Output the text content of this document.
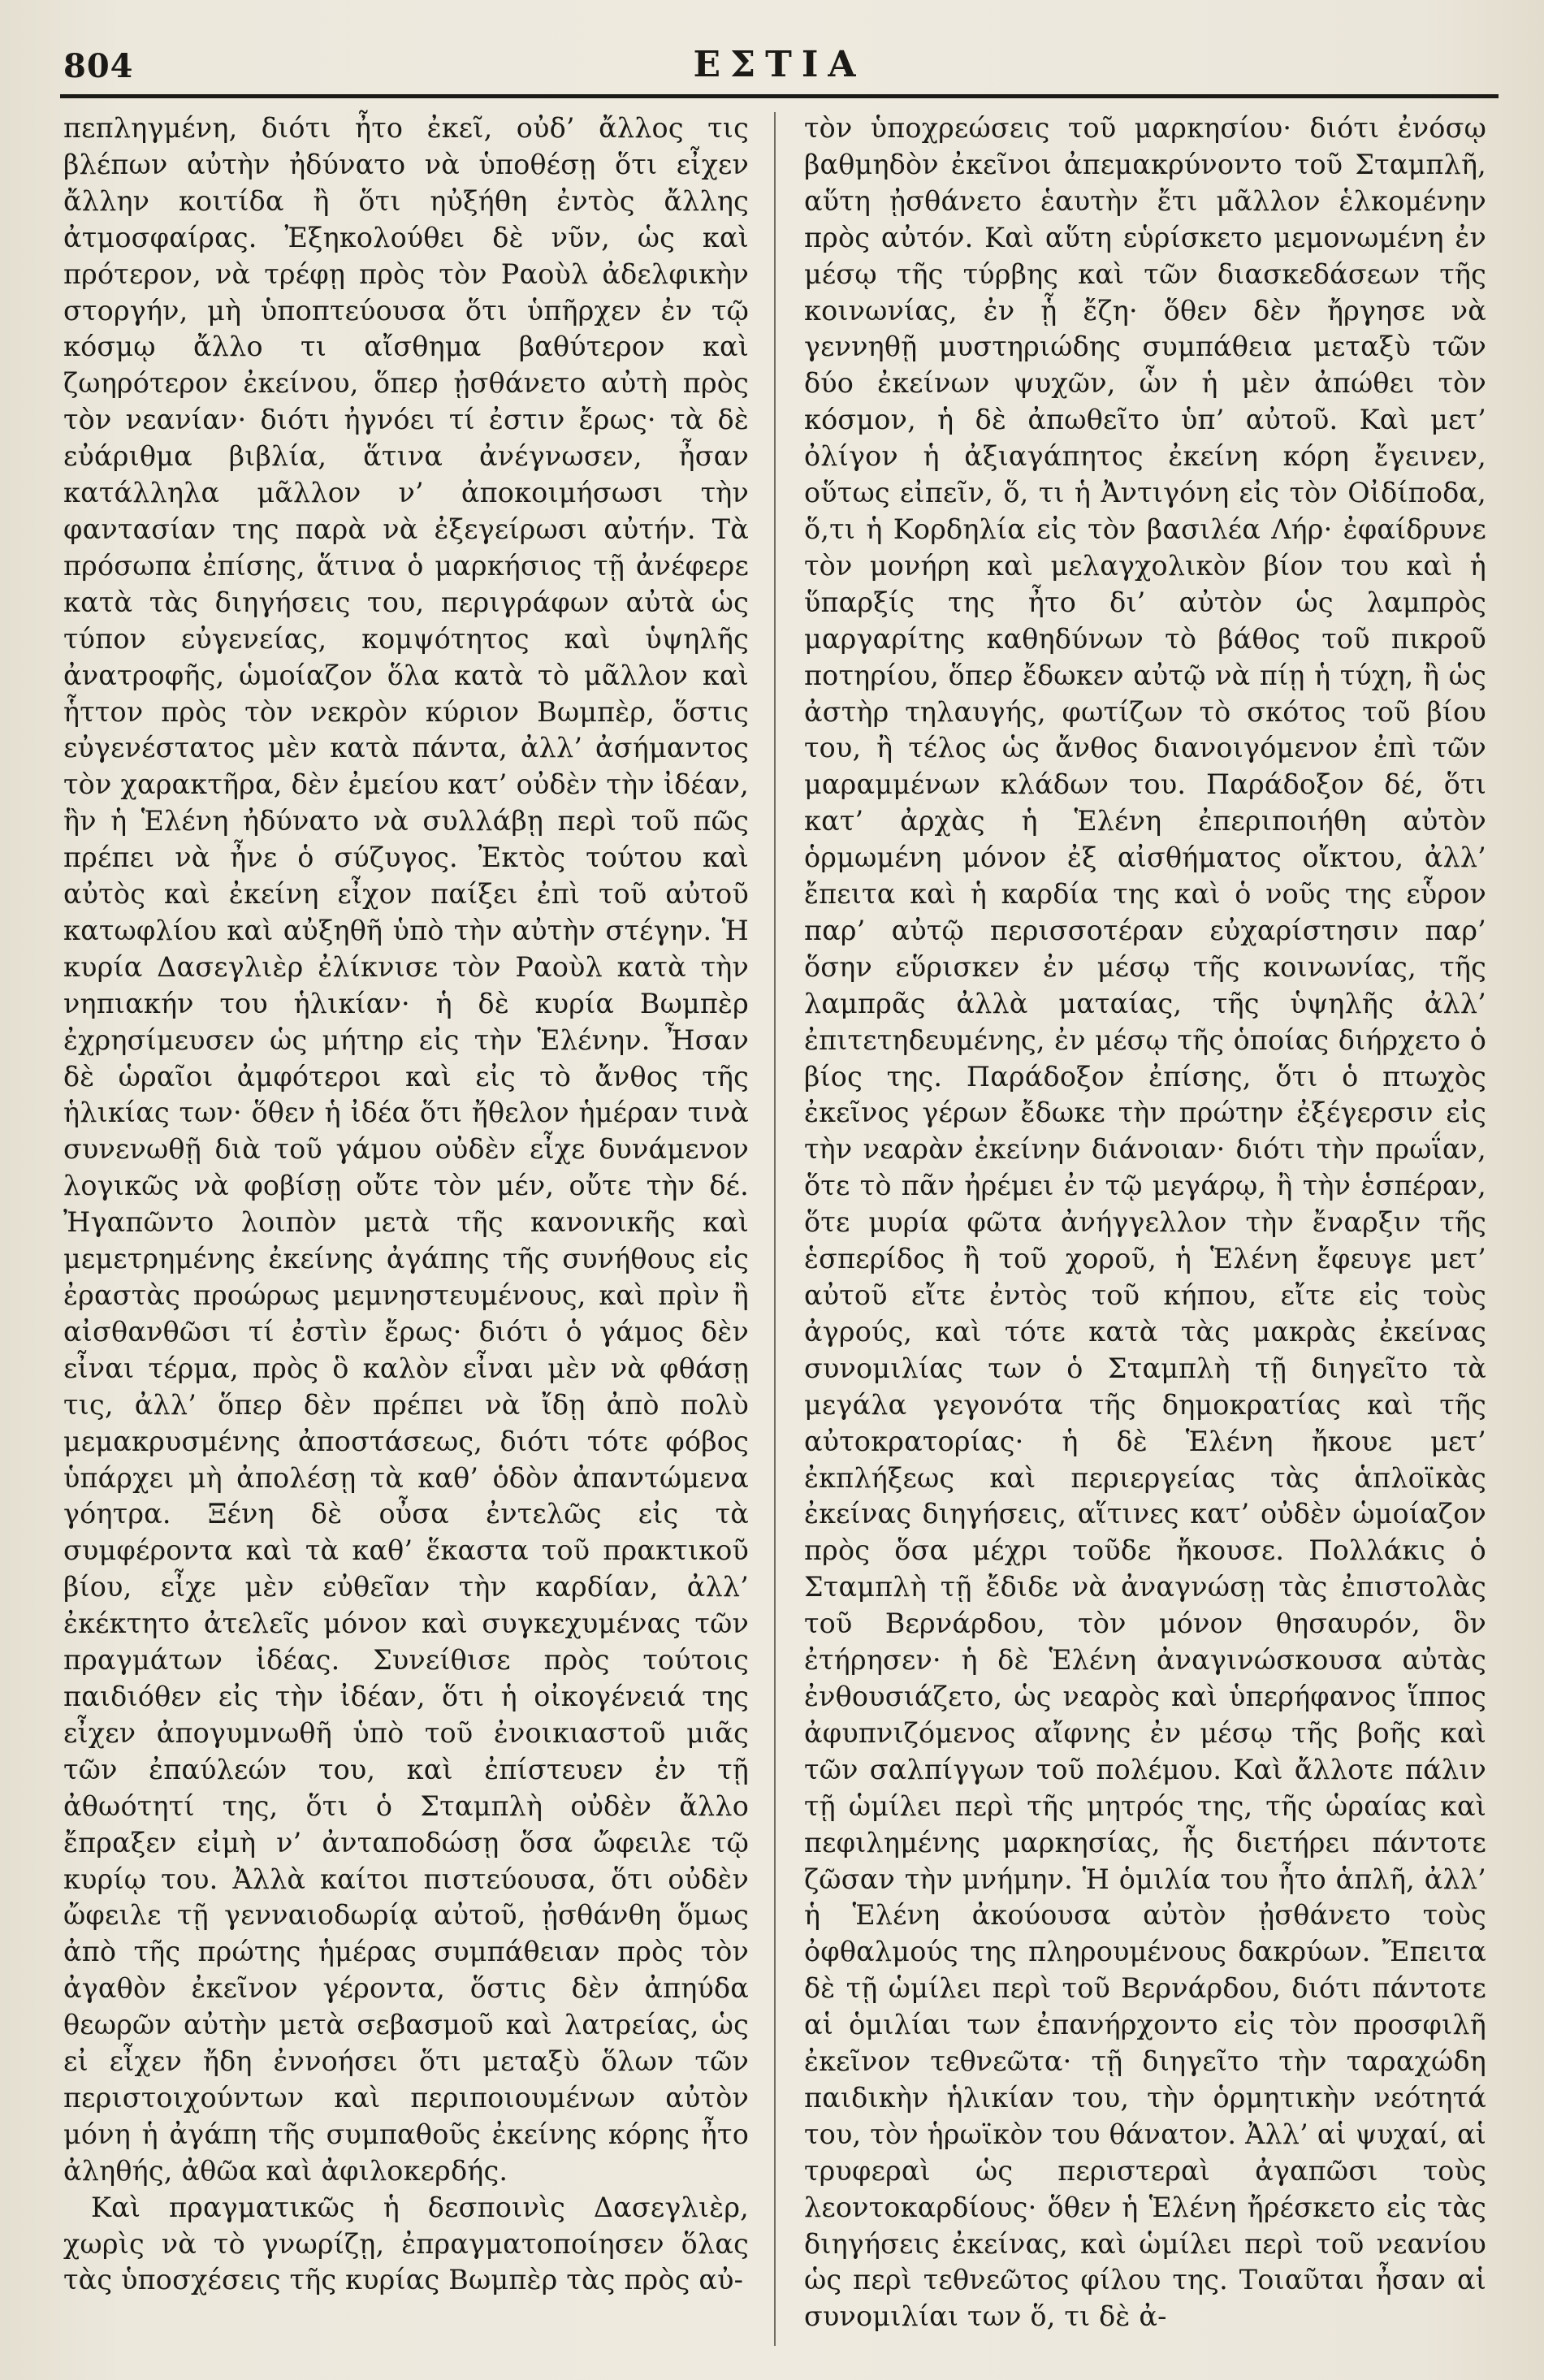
804	ΕΣΤΙΑ

πεπληγμένη, διότι ἦτο ἐκεῖ, οὐδ’ ἄλλος τις βλέπων αὐτὴν ἠδύνατο νὰ ὑποθέσῃ ὅτι εἶχεν ἄλλην κοιτίδα ἢ ὅτι ηὐξήθη ἐντὸς ἄλλης ἀτμοσφαίρας. Ἐξηκολούθει δὲ νῦν, ὡς καὶ πρότερον, νὰ τρέφῃ πρὸς τὸν Ραοὺλ ἀδελφικὴν στοργήν, μὴ ὑποπτεύουσα ὅτι ὑπῆρχεν ἐν τῷ κόσμῳ ἄλλο τι αἴσθημα βαθύτερον καὶ ζωηρότερον ἐκείνου, ὅπερ ᾐσθάνετο αὐτὴ πρὸς τὸν νεανίαν· διότι ἠγνόει τί ἐστιν ἔρως· τὰ δὲ εὐάριθμα βιβλία, ἅτινα ἀνέγνωσεν, ἦσαν κατάλληλα μᾶλλον ν’ ἀποκοιμήσωσι τὴν φαντασίαν της παρὰ νὰ ἐξεγείρωσι αὐτήν. Τὰ πρόσωπα ἐπίσης, ἅτινα ὁ μαρκήσιος τῇ ἀνέφερε κατὰ τὰς διηγήσεις του, περιγράφων αὐτὰ ὡς τύπον εὐγενείας, κομψότητος καὶ ὑψηλῆς ἀνατροφῆς, ὡμοίαζον ὅλα κατὰ τὸ μᾶλλον καὶ ἧττον πρὸς τὸν νεκρὸν κύριον Βωμπὲρ, ὅστις εὐγενέστατος μὲν κατὰ πάντα, ἀλλ’ ἀσήμαντος τὸν χαρακτῆρα, δὲν ἐμείου κατ’ οὐδὲν τὴν ἰδέαν, ἣν ἡ Ἑλένη ἠδύνατο νὰ συλλάβῃ περὶ τοῦ πῶς πρέπει νὰ ἦνε ὁ σύζυγος. Ἐκτὸς τούτου καὶ αὐτὸς καὶ ἐκείνη εἶχον παίξει ἐπὶ τοῦ αὐτοῦ κατωφλίου καὶ αὐξηθῆ ὑπὸ τὴν αὐτὴν στέγην. Ἡ κυρία Δασεγλιὲρ ἐλίκνισε τὸν Ραοὺλ κατὰ τὴν νηπιακήν του ἡλικίαν· ἡ δὲ κυρία Βωμπὲρ ἐχρησίμευσεν ὡς μήτηρ εἰς τὴν Ἑλένην. Ἦσαν δὲ ὡραῖοι ἀμφότεροι καὶ εἰς τὸ ἄνθος τῆς ἡλικίας των· ὅθεν ἡ ἰδέα ὅτι ἤθελον ἡμέραν τινὰ συνενωθῇ διὰ τοῦ γάμου οὐδὲν εἶχε δυνάμενον λογικῶς νὰ φοβίσῃ οὔτε τὸν μέν, οὔτε τὴν δέ. Ἠγαπῶντο λοιπὸν μετὰ τῆς κανονικῆς καὶ μεμετρημένης ἐκείνης ἀγάπης τῆς συνήθους εἰς ἐραστὰς προώρως μεμνηστευμένους, καὶ πρὶν ἢ αἰσθανθῶσι τί ἐστὶν ἔρως· διότι ὁ γάμος δὲν εἶναι τέρμα, πρὸς ὃ καλὸν εἶναι μὲν νὰ φθάσῃ τις, ἀλλ’ ὅπερ δὲν πρέπει νὰ ἴδῃ ἀπὸ πολὺ μεμακρυσμένης ἀποστάσεως, διότι τότε φόβος ὑπάρχει μὴ ἀπολέσῃ τὰ καθ’ ὁδὸν ἀπαντώμενα γόητρα. Ξένη δὲ οὖσα ἐντελῶς εἰς τὰ συμφέροντα καὶ τὰ καθ’ ἕκαστα τοῦ πρακτικοῦ βίου, εἶχε μὲν εὐθεῖαν τὴν καρδίαν, ἀλλ’ ἐκέκτητο ἀτελεῖς μόνον καὶ συγκεχυμένας τῶν πραγμάτων ἰδέας. Συνείθισε πρὸς τούτοις παιδιόθεν εἰς τὴν ἰδέαν, ὅτι ἡ οἰκογένειά της εἶχεν ἀπογυμνωθῆ ὑπὸ τοῦ ἐνοικιαστοῦ μιᾶς τῶν ἐπαύλεών του, καὶ ἐπίστευεν ἐν τῇ ἀθωότητί της, ὅτι ὁ Σταμπλὴ οὐδὲν ἄλλο ἔπραξεν εἰμὴ ν’ ἀνταποδώσῃ ὅσα ὤφειλε τῷ κυρίῳ του. Ἀλλὰ καίτοι πιστεύουσα, ὅτι οὐδὲν ὤφειλε τῇ γενναιοδωρίᾳ αὐτοῦ, ᾐσθάνθη ὅμως ἀπὸ τῆς πρώτης ἡμέρας συμπάθειαν πρὸς τὸν ἀγαθὸν ἐκεῖνον γέροντα, ὅστις δὲν ἀπηύδα θεωρῶν αὐτὴν μετὰ σεβασμοῦ καὶ λατρείας, ὡς εἰ εἶχεν ἤδη ἐννοήσει ὅτι μεταξὺ ὅλων τῶν περιστοιχούντων καὶ περιποιουμένων αὐτὸν μόνη ἡ ἀγάπη τῆς συμπαθοῦς ἐκείνης κόρης ἦτο ἀληθής, ἀθῶα καὶ ἀφιλοκερδής.

Καὶ πραγματικῶς ἡ δεσποινὶς Δασεγλιὲρ, χωρὶς νὰ τὸ γνωρίζῃ, ἐπραγματοποίησεν ὅλας τὰς ὑποσχέσεις τῆς κυρίας Βωμπὲρ τὰς πρὸς αὐ-

τὸν ὑποχρεώσεις τοῦ μαρκησίου· διότι ἐνόσῳ βαθμηδὸν ἐκεῖνοι ἀπεμακρύνοντο τοῦ Σταμπλῆ, αὕτη ᾐσθάνετο ἑαυτὴν ἔτι μᾶλλον ἑλκομένην πρὸς αὐτόν. Καὶ αὕτη εὑρίσκετο μεμονωμένη ἐν μέσῳ τῆς τύρβης καὶ τῶν διασκεδάσεων τῆς κοινωνίας, ἐν ᾗ ἔζη· ὅθεν δὲν ἤργησε νὰ γεννηθῇ μυστηριώδης συμπάθεια μεταξὺ τῶν δύο ἐκείνων ψυχῶν, ὧν ἡ μὲν ἀπώθει τὸν κόσμον, ἡ δὲ ἀπωθεῖτο ὑπ’ αὐτοῦ. Καὶ μετ’ ὀλίγον ἡ ἀξιαγάπητος ἐκείνη κόρη ἔγεινεν, οὕτως εἰπεῖν, ὅ, τι ἡ Ἀντιγόνη εἰς τὸν Οἰδίποδα, ὅ,τι ἡ Κορδηλία εἰς τὸν βασιλέα Λήρ· ἐφαίδρυνε τὸν μονήρη καὶ μελαγχολικὸν βίον του καὶ ἡ ὕπαρξίς της ἦτο δι’ αὐτὸν ὡς λαμπρὸς μαργαρίτης καθηδύνων τὸ βάθος τοῦ πικροῦ ποτηρίου, ὅπερ ἔδωκεν αὐτῷ νὰ πίῃ ἡ τύχη, ἢ ὡς ἀστὴρ τηλαυγής, φωτίζων τὸ σκότος τοῦ βίου του, ἢ τέλος ὡς ἄνθος διανοιγόμενον ἐπὶ τῶν μαραμμένων κλάδων του. Παράδοξον δέ, ὅτι κατ’ ἀρχὰς ἡ Ἑλένη ἐπεριποιήθη αὐτὸν ὁρμωμένη μόνον ἐξ αἰσθήματος οἴκτου, ἀλλ’ ἔπειτα καὶ ἡ καρδία της καὶ ὁ νοῦς της εὗρον παρ’ αὐτῷ περισσοτέραν εὐχαρίστησιν παρ’ ὅσην εὕρισκεν ἐν μέσῳ τῆς κοινωνίας, τῆς λαμπρᾶς ἀλλὰ ματαίας, τῆς ὑψηλῆς ἀλλ’ ἐπιτετηδευμένης, ἐν μέσῳ τῆς ὁποίας διήρχετο ὁ βίος της. Παράδοξον ἐπίσης, ὅτι ὁ πτωχὸς ἐκεῖνος γέρων ἔδωκε τὴν πρώτην ἐξέγερσιν εἰς τὴν νεαρὰν ἐκείνην διάνοιαν· διότι τὴν πρωΐαν, ὅτε τὸ πᾶν ἠρέμει ἐν τῷ μεγάρῳ, ἢ τὴν ἑσπέραν, ὅτε μυρία φῶτα ἀνήγγελλον τὴν ἔναρξιν τῆς ἑσπερίδος ἢ τοῦ χοροῦ, ἡ Ἑλένη ἔφευγε μετ’ αὐτοῦ εἴτε ἐντὸς τοῦ κήπου, εἴτε εἰς τοὺς ἀγρούς, καὶ τότε κατὰ τὰς μακρὰς ἐκείνας συνομιλίας των ὁ Σταμπλὴ τῇ διηγεῖτο τὰ μεγάλα γεγονότα τῆς δημοκρατίας καὶ τῆς αὐτοκρατορίας· ἡ δὲ Ἑλένη ἤκουε μετ’ ἐκπλήξεως καὶ περιεργείας τὰς ἁπλοϊκὰς ἐκείνας διηγήσεις, αἵτινες κατ’ οὐδὲν ὡμοίαζον πρὸς ὅσα μέχρι τοῦδε ἤκουσε. Πολλάκις ὁ Σταμπλὴ τῇ ἔδιδε νὰ ἀναγνώσῃ τὰς ἐπιστολὰς τοῦ Βερνάρδου, τὸν μόνον θησαυρόν, ὃν ἐτήρησεν· ἡ δὲ Ἑλένη ἀναγινώσκουσα αὐτὰς ἐνθουσιάζετο, ὡς νεαρὸς καὶ ὑπερήφανος ἵππος ἀφυπνιζόμενος αἴφνης ἐν μέσῳ τῆς βοῆς καὶ τῶν σαλπίγγων τοῦ πολέμου. Καὶ ἄλλοτε πάλιν τῇ ὡμίλει περὶ τῆς μητρός της, τῆς ὡραίας καὶ πεφιλημένης μαρκησίας, ἧς διετήρει πάντοτε ζῶσαν τὴν μνήμην. Ἡ ὁμιλία του ἦτο ἁπλῆ, ἀλλ’ ἡ Ἑλένη ἀκούουσα αὐτὸν ᾐσθάνετο τοὺς ὀφθαλμούς της πληρουμένους δακρύων. Ἔπειτα δὲ τῇ ὡμίλει περὶ τοῦ Βερνάρδου, διότι πάντοτε αἱ ὁμιλίαι των ἐπανήρχοντο εἰς τὸν προσφιλῆ ἐκεῖνον τεθνεῶτα· τῇ διηγεῖτο τὴν ταραχώδη παιδικὴν ἡλικίαν του, τὴν ὁρμητικὴν νεότητά του, τὸν ἡρωϊκὸν του θάνατον. Ἀλλ’ αἱ ψυχαί, αἱ τρυφεραὶ ὡς περιστεραὶ ἀγαπῶσι τοὺς λεοντοκαρδίους· ὅθεν ἡ Ἑλένη ἤρέσκετο εἰς τὰς διηγήσεις ἐκείνας, καὶ ὡμίλει περὶ τοῦ νεανίου ὡς περὶ τεθνεῶτος φίλου της. Τοιαῦται ἦσαν αἱ συνομιλίαι των ὅ, τι δὲ ἀ-
